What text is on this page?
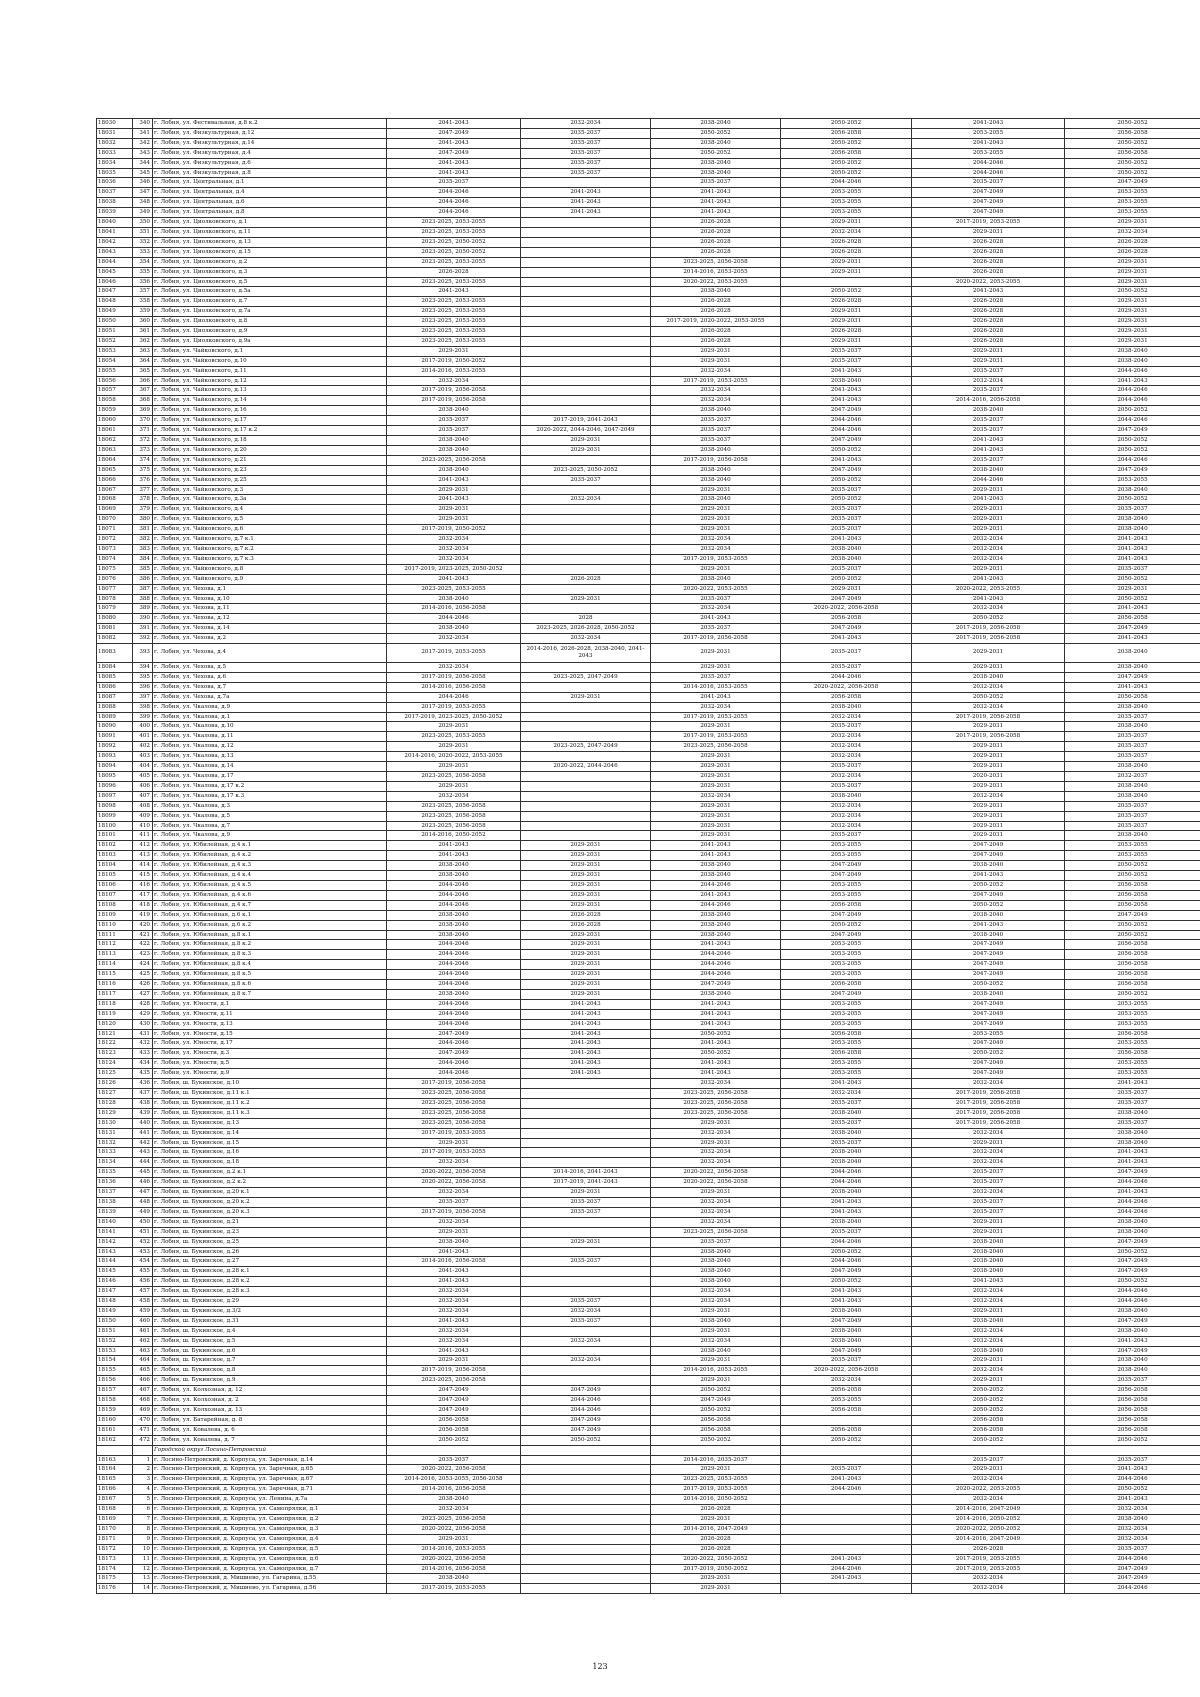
18030	340	г. Лобня, ул. Фестивальная, д.8 к.2	2041-2043	2032-2034	2038-2040	2050-2052	2041-2043	2050-2052
18031	341	г. Лобня, ул. Физкультурная, д.12	2047-2049	2035-2037	2050-2052	2056-2058	2053-2055	2056-2058
18032	342	г. Лобня, ул. Физкультурная, д.14	2041-2043	2035-2037	2038-2040	2050-2052	2041-2043	2050-2052
18033	343	г. Лобня, ул. Физкультурная, д.4	2047-2049	2035-2037	2050-2052	2056-2058	2053-2055	2056-2058
18034	344	г. Лобня, ул. Физкультурная, д.6	2041-2043	2035-2037	2038-2040	2050-2052	2044-2046	2050-2052
18035	345	г. Лобня, ул. Физкультурная, д.8	2041-2043	2035-2037	2038-2040	2050-2052	2044-2046	2050-2052
18036	346	г. Лобня, ул. Центральная, д.1	2035-2037		2035-2037	2044-2046	2035-2037	2047-2049
18037	347	г. Лобня, ул. Центральная, д.4	2044-2046	2041-2043	2041-2043	2053-2055	2047-2049	2053-2055
18038	348	г. Лобня, ул. Центральная, д.6	2044-2046	2041-2043	2041-2043	2053-2055	2047-2049	2053-2055
18039	349	г. Лобня, ул. Центральная, д.8	2044-2046	2041-2043	2041-2043	2053-2055	2047-2049	2053-2055
18040	350	г. Лобня, ул. Циолковского, д.1	2023-2025, 2053-2055		2026-2028	2029-2031	2017-2019, 2053-2055	2029-2031
18041	351	г. Лобня, ул. Циолковского, д.11	2023-2025, 2053-2055		2026-2028	2032-2034	2029-2031	2032-2034
18042	352	г. Лобня, ул. Циолковского, д.13	2023-2025, 2050-2052		2026-2028	2026-2028	2026-2028	2026-2028
18043	353	г. Лобня, ул. Циолковского, д.15	2023-2025, 2050-2052		2026-2028	2026-2028	2026-2028	2026-2028
18044	354	г. Лобня, ул. Циолковского, д.2	2023-2025, 2053-2055		2023-2025, 2056-2058	2029-2031	2026-2028	2029-2031
18045	355	г. Лобня, ул. Циолковского, д.3	2026-2028		2014-2016, 2053-2055	2029-2031	2026-2028	2029-2031
18046	356	г. Лобня, ул. Циолковского, д.5	2023-2025, 2053-2055		2020-2022, 2053-2055		2020-2022, 2053-2055	2029-2031
18047	357	г. Лобня, ул. Циолковского, д.5а	2041-2043		2038-2040	2050-2052	2041-2043	2050-2052
18048	358	г. Лобня, ул. Циолковского, д.7	2023-2025, 2053-2055		2026-2028	2026-2028	2026-2028	2029-2031
18049	359	г. Лобня, ул. Циолковского, д.7а	2023-2025, 2053-2055		2026-2028	2029-2031	2026-2028	2029-2031
18050	360	г. Лобня, ул. Циолковского, д.8	2023-2025, 2053-2055		2017-2019, 2020-2022, 2053-2055	2029-2031	2026-2028	2029-2031
18051	361	г. Лобня, ул. Циолковского, д.9	2023-2025, 2053-2055		2026-2028	2026-2028	2026-2028	2029-2031
18052	362	г. Лобня, ул. Циолковского, д.9а	2023-2025, 2053-2055		2026-2028	2029-2031	2026-2028	2029-2031
18053	363	г. Лобня, ул. Чайковского, д.1	2029-2031		2029-2031	2035-2037	2029-2031	2038-2040
18054	364	г. Лобня, ул. Чайковского, д.10	2017-2019, 2050-2052		2029-2031	2035-2037	2029-2031	2038-2040
18055	365	г. Лобня, ул. Чайковского, д.11	2014-2016, 2053-2055		2032-2034	2041-2043	2035-2037	2044-2046
18056	366	г. Лобня, ул. Чайковского, д.12	2032-2034		2017-2019, 2053-2055	2038-2040	2032-2034	2041-2043
18057	367	г. Лобня, ул. Чайковского, д.13	2017-2019, 2056-2058		2032-2034	2041-2043	2035-2037	2044-2046
18058	368	г. Лобня, ул. Чайковского, д.14	2017-2019, 2056-2058		2032-2034	2041-2043	2014-2016, 2056-2058	2044-2046
18059	369	г. Лобня, ул. Чайковского, д.16	2038-2040		2038-2040	2047-2049	2038-2040	2050-2052
18060	370	г. Лобня, ул. Чайковского, д.17	2035-2037	2017-2019, 2041-2043	2035-2037	2044-2046	2035-2037	2044-2046
18061	371	г. Лобня, ул. Чайковского, д.17 к.2	2035-2037	2020-2022, 2044-2046, 2047-2049	2035-2037	2044-2046	2035-2037	2047-2049
18062	372	г. Лобня, ул. Чайковского, д.18	2038-2040	2029-2031	2035-2037	2047-2049	2041-2043	2050-2052
18063	373	г. Лобня, ул. Чайковского, д.20	2038-2040	2029-2031	2038-2040	2050-2052	2041-2043	2050-2052
18064	374	г. Лобня, ул. Чайковского, д.21	2023-2025, 2056-2058		2017-2019, 2056-2058	2041-2043	2035-2037	2044-2046
18065	375	г. Лобня, ул. Чайковского, д.23	2038-2040	2023-2025, 2050-2052	2038-2040	2047-2049	2038-2040	2047-2049
18066	376	г. Лобня, ул. Чайковского, д.25	2041-2043	2035-2037	2038-2040	2050-2052	2044-2046	2053-2055
18067	377	г. Лобня, ул. Чайковского, д.3	2029-2031		2029-2031	2035-2037	2029-2031	2038-2040
18068	378	г. Лобня, ул. Чайковского, д.3а	2041-2043	2032-2034	2038-2040	2050-2052	2041-2043	2050-2052
18069	379	г. Лобня, ул. Чайковского, д.4	2029-2031		2029-2031	2035-2037	2029-2031	2035-2037
18070	380	г. Лобня, ул. Чайковского, д.5	2029-2031		2029-2031	2035-2037	2029-2031	2038-2040
18071	381	г. Лобня, ул. Чайковского, д.6	2017-2019, 2050-2052		2029-2031	2035-2037	2029-2031	2038-2040
18072	382	г. Лобня, ул. Чайковского, д.7 к.1	2032-2034		2032-2034	2041-2043	2032-2034	2041-2043
18073	383	г. Лобня, ул. Чайковского, д.7 к.2	2032-2034		2032-2034	2038-2040	2032-2034	2041-2043
18074	384	г. Лобня, ул. Чайковского, д.7 к.3	2032-2034		2017-2019, 2053-2055	2038-2040	2032-2034	2041-2043
18075	385	г. Лобня, ул. Чайковского, д.8	2017-2019, 2023-2025, 2050-2052		2029-2031	2035-2037	2029-2031	2035-2037
18076	386	г. Лобня, ул. Чайковского, д.9	2041-2043	2026-2028	2038-2040	2050-2052	2041-2043	2050-2052
18077	387	г. Лобня, ул. Чехова, д.1	2023-2025, 2053-2055		2020-2022, 2053-2055	2029-2031	2020-2022, 2053-2055	2029-2031
18078	388	г. Лобня, ул. Чехова, д.10	2038-2040	2029-2031	2035-2037	2047-2049	2041-2043	2050-2052
18079	389	г. Лобня, ул. Чехова, д.11	2014-2016, 2056-2058		2032-2034	2020-2022, 2056-2058	2032-2034	2041-2043
18080	390	г. Лобня, ул. Чехова, д.12	2044-2046	2028	2041-2043	2056-2058	2050-2052	2056-2058
18081	391	г. Лобня, ул. Чехова, д.14	2038-2040	2023-2025, 2026-2028, 2050-2052	2035-2037	2047-2049	2017-2019, 2056-2058	2047-2049
18082	392	г. Лобня, ул. Чехова, д.2	2032-2034	2032-2034	2017-2019, 2056-2058	2041-2043	2017-2019, 2056-2058	2041-2043
18083	393	г. Лобня, ул. Чехова, д.4	2017-2019, 2053-2055	2014-2016, 2026-2028, 2038-2040, 2041-2043	2029-2031	2035-2037	2029-2031	2038-2040
18084	394	г. Лобня, ул. Чехова, д.5	2032-2034		2029-2031	2035-2037	2029-2031	2038-2040
18085	395	г. Лобня, ул. Чехова, д.6	2017-2019, 2056-2058	2023-2025, 2047-2049	2035-2037	2044-2046	2038-2040	2047-2049
18086	396	г. Лобня, ул. Чехова, д.7	2014-2016, 2056-2058		2014-2016, 2053-2055	2020-2022, 2056-2058	2032-2034	2041-2043
18087	397	г. Лобня, ул. Чехова, д.7а	2044-2046	2029-2031	2041-2043	2056-2058	2050-2052	2056-2058
18088	398	г. Лобня, ул. Чкалова, д.9	2017-2019, 2053-2055		2032-2034	2038-2040	2032-2034	2038-2040
18089	399	г. Лобня, ул. Чкалова, д.1	2017-2019, 2023-2025, 2050-2052		2017-2019, 2053-2055	2032-2034	2017-2019, 2056-2058	2035-2037
18090	400	г. Лобня, ул. Чкалова, д.10	2029-2031		2029-2031	2035-2037	2029-2031	2038-2040
18091	401	г. Лобня, ул. Чкалова, д.11	2023-2025, 2053-2055		2017-2019, 2053-2055	2032-2034	2017-2019, 2056-2058	2035-2037
18092	402	г. Лобня, ул. Чкалова, д.12	2029-2031	2023-2025, 2047-2049	2023-2025, 2056-2058	2032-2034	2029-2031	2035-2037
18093	403	г. Лобня, ул. Чкалова, д.13	2014-2016, 2020-2022, 2053-2055		2029-2031	2032-2034	2029-2031	2035-2037
18094	404	г. Лобня, ул. Чкалова, д.14	2029-2031	2020-2022, 2044-2046	2029-2031	2035-2037	2029-2031	2038-2040
18095	405	г. Лобня, ул. Чкалова, д.17	2023-2025, 2056-2058		2029-2031	2032-2034	2020-2031	2032-2037
18096	406	г. Лобня, ул. Чкалова, д.17 к.2	2029-2031		2029-2031	2035-2037	2029-2031	2038-2040
18097	407	г. Лобня, ул. Чкалова, д.17 к.3	2032-2034		2032-2034	2038-2040	2032-2034	2038-2040
18098	408	г. Лобня, ул. Чкалова, д.3	2023-2025, 2056-2058		2029-2031	2032-2034	2029-2031	2035-2037
18099	409	г. Лобня, ул. Чкалова, д.5	2023-2025, 2056-2058		2029-2031	2032-2034	2029-2031	2035-2037
18100	410	г. Лобня, ул. Чкалова, д.7	2023-2025, 2056-2058		2029-2031	2032-2034	2029-2031	2035-2037
18101	411	г. Лобня, ул. Чкалова, д.9	2014-2016, 2050-2052		2029-2031	2035-2037	2029-2031	2038-2040
18102	412	г. Лобня, ул. Юбилейная, д.4 к.1	2041-2043	2029-2031	2041-2043	2053-2055	2047-2049	2053-2055
18103	413	г. Лобня, ул. Юбилейная, д.4 к.2	2041-2043	2029-2031	2041-2043	2053-2055	2047-2049	2053-2055
18104	414	г. Лобня, ул. Юбилейная, д.4 к.3	2038-2040	2029-2031	2038-2040	2047-2049	2038-2040	2050-2052
18105	415	г. Лобня, ул. Юбилейная, д.4 к.4	2038-2040	2029-2031	2038-2040	2047-2049	2041-2043	2050-2052
18106	416	г. Лобня, ул. Юбилейная, д.4 к.5	2044-2046	2029-2031	2044-2046	2053-2055	2050-2052	2056-2058
18107	417	г. Лобня, ул. Юбилейная, д.4 к.6	2044-2046	2029-2031	2041-2043	2053-2055	2047-2049	2056-2058
18108	418	г. Лобня, ул. Юбилейная, д.4 к.7	2044-2046	2029-2031	2044-2046	2056-2058	2050-2052	2056-2058
18109	419	г. Лобня, ул. Юбилейная, д.6 к.1	2038-2040	2026-2028	2038-2040	2047-2049	2038-2040	2047-2049
18110	420	г. Лобня, ул. Юбилейная, д.6 к.2	2038-2040	2026-2028	2038-2040	2050-2052	2041-2043	2050-2052
18111	421	г. Лобня, ул. Юбилейная, д.8 к.1	2038-2040	2029-2031	2038-2040	2047-2049	2038-2040	2050-2052
18112	422	г. Лобня, ул. Юбилейная, д.8 к.2	2044-2046	2029-2031	2041-2043	2053-2055	2047-2049	2056-2058
18113	423	г. Лобня, ул. Юбилейная, д.8 к.3	2044-2046	2029-2031	2044-2046	2053-2055	2047-2049	2056-2058
18114	424	г. Лобня, ул. Юбилейная, д.8 к.4	2044-2046	2029-2031	2044-2046	2053-2055	2047-2049	2056-2058
18115	425	г. Лобня, ул. Юбилейная, д.8 к.5	2044-2046	2029-2031	2044-2046	2053-2055	2047-2049	2056-2058
18116	426	г. Лобня, ул. Юбилейная, д.8 к.6	2044-2046	2029-2031	2047-2049	2056-2058	2050-2052	2056-2058
18117	427	г. Лобня, ул. Юбилейная, д.8 к.7	2038-2040	2029-2031	2038-2040	2047-2049	2038-2040	2050-2052
18118	428	г. Лобня, ул. Юности, д.1	2044-2046	2041-2043	2041-2043	2053-2055	2047-2049	2053-2055
18119	429	г. Лобня, ул. Юности, д.11	2044-2046	2041-2043	2041-2043	2053-2055	2047-2049	2053-2055
18120	430	г. Лобня, ул. Юности, д.13	2044-2046	2041-2043	2041-2043	2053-2055	2047-2049	2053-2055
18121	431	г. Лобня, ул. Юности, д.15	2047-2049	2041-2043	2050-2052	2056-2058	2053-2055	2056-2058
18122	432	г. Лобня, ул. Юности, д.17	2044-2046	2041-2043	2041-2043	2053-2055	2047-2049	2053-2055
18123	433	г. Лобня, ул. Юности, д.3	2047-2049	2041-2043	2050-2052	2056-2058	2050-2052	2056-2058
18124	434	г. Лобня, ул. Юности, д.5	2044-2046	2041-2043	2041-2043	2053-2055	2047-2049	2053-2055
18125	435	г. Лобня, ул. Юности, д.9	2044-2046	2041-2043	2041-2043	2053-2055	2047-2049	2053-2055
18126	436	г. Лобня, ш. Букинское, д.10	2017-2019, 2056-2058		2032-2034	2041-2043	2032-2034	2041-2043
18127	437	г. Лобня, ш. Букинское, д.11 к.1	2023-2025, 2056-2058		2023-2025, 2056-2058	2032-2034	2017-2019, 2056-2058	2035-2037
18128	438	г. Лобня, ш. Букинское, д.11 к.2	2023-2025, 2056-2058		2023-2025, 2056-2058	2035-2037	2017-2019, 2056-2058	2035-2037
18129	439	г. Лобня, ш. Букинское, д.11 к.3	2023-2025, 2056-2058		2023-2025, 2056-2058	2038-2040	2017-2019, 2056-2058	2038-2040
18130	440	г. Лобня, ш. Букинское, д.13	2023-2025, 2056-2058		2029-2031	2035-2037	2017-2019, 2056-2058	2035-2037
18131	441	г. Лобня, ш. Букинское, д.14	2017-2019, 2053-2055		2032-2034	2038-2040	2032-2034	2038-2040
18132	442	г. Лобня, ш. Букинское, д.15	2029-2031		2029-2031	2035-2037	2029-2031	2038-2040
18133	443	г. Лобня, ш. Букинское, д.16	2017-2019, 2053-2055		2032-2034	2038-2040	2032-2034	2041-2043
18134	444	г. Лобня, ш. Букинское, д.18	2032-2034		2032-2034	2038-2040	2032-2034	2041-2043
18135	445	г. Лобня, ш. Букинское, д.2 к.1	2020-2022, 2056-2058	2014-2016, 2041-2043	2020-2022, 2056-2058	2044-2046	2035-2037	2047-2049
18136	446	г. Лобня, ш. Букинское, д.2 к.2	2020-2022, 2056-2058	2017-2019, 2041-2043	2020-2022, 2056-2058	2044-2046	2035-2037	2044-2046
18137	447	г. Лобня, ш. Букинское, д.20 к.1	2032-2034	2029-2031	2029-2031	2038-2040	2032-2034	2041-2043
18138	448	г. Лобня, ш. Букинское, д.20 к.2	2035-2037	2035-2037	2032-2034	2041-2043	2035-2037	2044-2046
18139	449	г. Лобня, ш. Букинское, д.20 к.3	2017-2019, 2056-2058	2035-2037	2032-2034	2041-2043	2035-2037	2044-2046
18140	450	г. Лобня, ш. Букинское, д.21	2032-2034		2032-2034	2038-2040	2029-2031	2038-2040
18141	451	г. Лобня, ш. Букинское, д.23	2029-2031		2023-2025, 2056-2058	2035-2037	2029-2031	2038-2040
18142	452	г. Лобня, ш. Букинское, д.25	2038-2040	2029-2031	2035-2037	2044-2046	2038-2040	2047-2049
18143	453	г. Лобня, ш. Букинское, д.26	2041-2043		2038-2040	2050-2052	2038-2040	2050-2052
18144	454	г. Лобня, ш. Букинское, д.27	2014-2016, 2056-2058	2035-2037	2038-2040	2044-2046	2038-2040	2047-2049
18145	455	г. Лобня, ш. Букинское, д.28 к.1	2041-2043		2038-2040	2047-2049	2038-2040	2047-2049
18146	456	г. Лобня, ш. Букинское, д.28 к.2	2041-2043		2038-2040	2050-2052	2041-2043	2050-2052
18147	457	г. Лобня, ш. Букинское, д.28 к.3	2032-2034		2032-2034	2041-2043	2032-2034	2044-2046
18148	458	г. Лобня, ш. Букинское, д.29	2032-2034	2035-2037	2032-2034	2041-2043	2032-2034	2044-2046
18149	459	г. Лобня, ш. Букинское, д.3/2	2032-2034	2032-2034	2029-2031	2038-2040	2029-2031	2038-2040
18150	460	г. Лобня, ш. Букинское, д.31	2041-2043	2035-2037	2038-2040	2047-2049	2038-2040	2047-2049
18151	461	г. Лобня, ш. Букинское, д.4	2032-2034		2029-2031	2038-2040	2032-2034	2038-2040
18152	462	г. Лобня, ш. Букинское, д.5	2032-2034	2032-2034	2032-2034	2038-2040	2032-2034	2041-2043
18153	463	г. Лобня, ш. Букинское, д.6	2041-2043		2038-2040	2047-2049	2038-2040	2047-2049
18154	464	г. Лобня, ш. Букинское, д.7	2029-2031	2032-2034	2029-2031	2035-2037	2029-2031	2038-2040
18155	465	г. Лобня, ш. Букинское, д.8	2017-2019, 2056-2058		2014-2016, 2053-2055	2020-2022, 2056-2058	2032-2034	2038-2040
18156	466	г. Лобня, ш. Букинское, д.9	2023-2025, 2056-2058		2029-2031	2032-2034	2029-2031	2035-2037
18157	467	г. Лобня, ул. Колхозная, д. 12	2047-2049	2047-2049	2050-2052	2056-2058	2050-2052	2056-2058
18158	468	г. Лобня, ул. Колхозная, д. 2	2047-2049	2044-2046	2047-2049	2053-2055	2050-2052	2056-2058
18159	469	г. Лобня, ул. Колхозная, д. 13	2047-2049	2044-2046	2050-2052	2056-2058	2050-2052	2056-2058
18160	470	г. Лобня, ул. Батарейная, д. 8	2056-2058	2047-2049	2056-2058		2056-2058	2056-2058
18161	471	г. Лобня, ул. Ковалева, д. 6	2056-2058	2047-2049	2056-2058	2056-2058	2056-2058	2056-2058
18162	472	г. Лобня, ул. Ковалева, д. 7	2050-2052	2050-2052	2050-2052	2050-2052	2050-2052	2050-2052
		Городской округ Лосино-Петровский						
18163	1	г. Лосино-Петровский, д. Корпуса, ул. Заречная, д.14	2035-2037		2014-2016, 2035-2037		2035-2037	2035-2037
18164	2	г. Лосино-Петровский, д. Корпуса, ул. Заречная, д.65	2020-2022, 2056-2058		2029-2031	2035-2037	2029-2031	2041-2043
18165	3	г. Лосино-Петровский, д. Корпуса, ул. Заречная, д.67	2014-2016, 2053-2055, 2056-2058		2023-2025, 2053-2055	2041-2043	2032-2034	2044-2046
18166	4	г. Лосино-Петровский, д. Корпуса, ул. Заречная, д.71	2014-2016, 2056-2058		2017-2019, 2053-2055	2044-2046	2020-2022, 2053-2055	2050-2052
18167	5	г. Лосино-Петровский, д. Корпуса, ул. Ленина, д.7а	2038-2040		2014-2016, 2050-2052		2032-2034	2041-2043
18168	6	г. Лосино-Петровский, д. Корпуса, ул. Самопрялки, д.1	2032-2034		2026-2028		2014-2016, 2047-2049	2032-2034
18169	7	г. Лосино-Петровский, д. Корпуса, ул. Самопрялки, д.2	2023-2025, 2056-2058		2029-2031		2014-2016, 2050-2052	2038-2040
18170	8	г. Лосино-Петровский, д. Корпуса, ул. Самопрялки, д.3	2020-2022, 2056-2058		2014-2016, 2047-2049		2020-2022, 2050-2052	2032-2034
18171	9	г. Лосино-Петровский, д. Корпуса, ул. Самопрялки, д.4	2029-2031		2026-2028		2014-2016, 2047-2049	2032-2034
18172	10	г. Лосино-Петровский, д. Корпуса, ул. Самопрялки, д.5	2014-2016, 2053-2055		2026-2028		2026-2028	2035-2037
18173	11	г. Лосино-Петровский, д. Корпуса, ул. Самопрялки, д.6	2020-2022, 2056-2058		2020-2022, 2050-2052	2041-2043	2017-2019, 2053-2055	2044-2046
18174	12	г. Лосино-Петровский, д. Корпуса, ул. Самопрялки, д.7	2014-2016, 2056-2058		2017-2019, 2050-2052	2044-2046	2017-2019, 2053-2055	2047-2049
18175	13	г. Лосино-Петровский, д. Мишнево, ул. Гагарина, д.55	2038-2040		2029-2031	2041-2043	2032-2034	2047-2049
18176	14	г. Лосино-Петровский, д. Мишнево, ул. Гагарина, д.56	2017-2019, 2053-2055		2029-2031		2032-2034	2044-2046
123
